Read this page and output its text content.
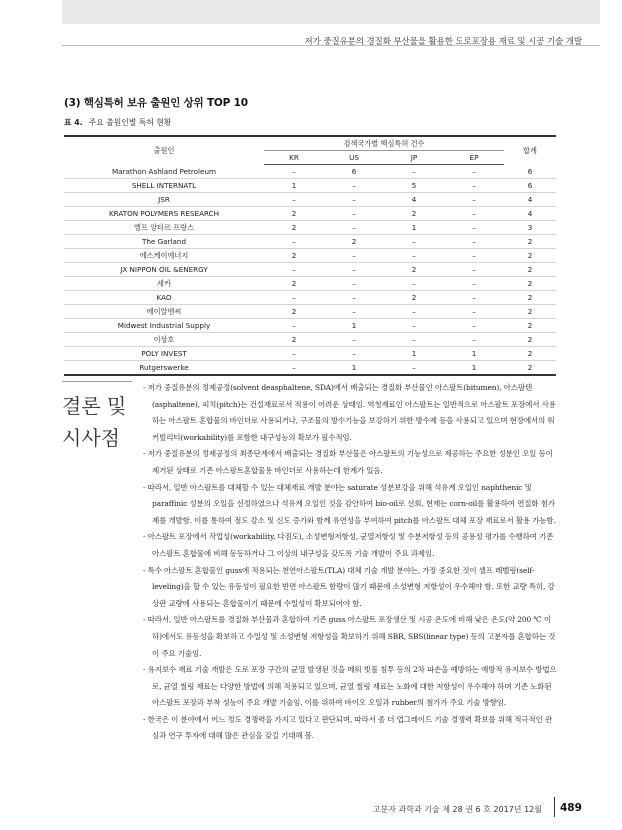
저가 중질유분의 경질화 부산물을 활용한 도로포장용 재료 및 시공 기술 개발
(3) 핵심특허 보유 출원인 상위 TOP 10
표 4. 주요 출원인별 특허 현황
출원인	검색국가별 핵심특허 건수				합계
	KR	US	JP	EP	
Marathon Ashland Petroleum	–	6	–	–	6
SHELL INTERNATL	1	–	5	–	6
JSR	–	–	4	–	4
KRATON POLYMERS RESEARCH	2	–	2	–	4
엘프 앙타르 프랑스	2	–	1	–	3
The Garland	–	2	–	–	2
에스케이에너지	2	–	–	–	2
JX NIPPON OIL &ENERGY	–	–	2	–	2
세카	2	–	–	–	2
KAO	–	–	2	–	2
에이알엔씨	2	–	–	–	2
Midwest Industrial Supply	–	1	–	–	2
이상호	2	–	–	–	2
POLY INVEST	–	–	1	1	2
Rutgerswerke	–	1	–	1	2
결론 및
시사점
- 저가 중질유분의 정제공정(solvent deasphaltene, SDA)에서 배출되는 경질화 부산물인 아스팔트(bitumen), 아스팔텐(asphaltene), 피치(pitch)는 건설재료로서 적용이 어려운 상태임. 역청재료인 아스팔트는 일반적으로 아스팔트 포장에서 사용하는 아스팔트 혼합물의 바인더로 사용되거나, 구조물의 방수기능을 보강하기 위한 방수제 등을 사용되고 있으며 현장에서의 워커빌리티(workability)를 포함한 내구성능의 확보가 필수적임.
- 저가 중질유분의 정제공정의 최종단계에서 배출되는 경질화 부산물은 아스팔트의 기능성으로 제공하는 주요한 성분인 오일 등이 제거된 상태로 기존 아스팔트혼합물용 바인더로 사용하는데 한계가 있음.
- 따라서, 일반 아스팔트를 대체할 수 있는 대체재료 개발 분야는 saturate 성분보강을 위해 석유계 오일인 naphthenic 및 paraffinic 성분의 오일을 선정하였으나 석유계 오일인 것을 감안하여 bio-oil로 선회, 현재는 corn-oil를 활용하여 연질화 첨가제를 개발함. 이를 통하여 점도 감소 및 신도 증가와 함께 유연성을 부여하여 pitch를 아스팔트 대체 포장 재료로서 활용 가능함.
- 아스팔트 포장에서 작업성(workability, 다짐도), 소성변형저항성, 균열저항성 및 수분저항성 등의 공용성 평가를 수행하여 기존아스팔트 혼합물에 비해 동등하거나 그 이상의 내구성을 갖도록 기술 개발이 주요 과제임.
- 특수 아스팔트 혼합물인 guss에 적용되는 천연아스팔트(TLA) 대체 기술 개발 분야는, 가장 중요한 것이 셀프 레벨링(self-leveling)을 할 수 있는 유동성이 필요한 반면 아스팔트 함량이 많기 때문에 소성변형 저항성이 우수해야 함. 또한 교량 특히, 강상판 교량에 사용되는 혼합물이기 때문에 수밀성이 확보되어야 함.
- 따라서, 일반 아스팔트를 경질화 부산물과 혼합하여 기존 guss 아스팔트 포장생산 및 시공 온도에 비해 낮은 온도(약 200 ℃ 이하)에서도 유동성을 확보하고 수밀성 및 소성변형 저항성을 확보하기 위해 SBR, SBS(linear type) 등의 고분자를 혼합하는 것이 주요 기술임.
- 유지보수 재료 기술 개발은 도로 포장 구간의 균열 발생된 것을 메워 빗물 침투 등의 2차 파손을 예방하는 예방적 유지보수 방법으로, 균열 씰링 재료는 다양한 방법에 의해 적용되고 있으며, 균열 씰링 재료는 노화에 대한 저항성이 우수해야 하며 기존 노화된 아스팔트 포장과 부착 성능이 주요 개발 기술임. 이를 위하여 바이오 오일과 rubber의 첨가가 주요 기술 방향임.
- 한국은 이 분야에서 어느 정도 경쟁력을 가지고 있다고 판단되며, 따라서 좀 더 업그레이드 기술 경쟁력 확보를 위해 적극적인 관심과 연구 투자에 대해 많은 관심을 갖길 기대해 봄.
고분자 과학과 기술 제 28 권 6 호 2017년 12월 489
